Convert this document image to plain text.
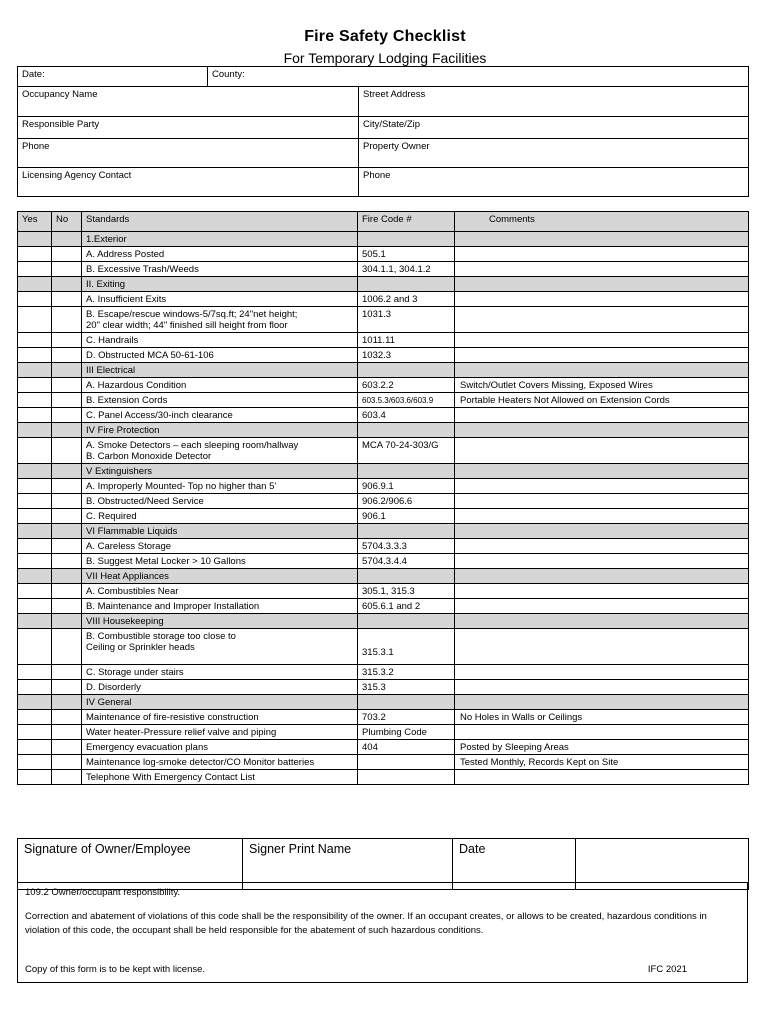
Fire Safety Checklist
For Temporary Lodging Facilities
Date:	County:	
Occupancy Name		Street Address
Responsible Party		City/State/Zip
Phone		Property Owner
Licensing Agency Contact		Phone
Yes	No	Standards	Fire Code #	Comments

		1.Exterior		

		A. Address Posted	505.1	

		B. Excessive Trash/Weeds	304.1.1, 304.1.2	

		II. Exiting		

		A. Insufficient Exits	1006.2 and 3	

		B. Escape/rescue windows-5/7sq.ft; 24"net height;
20" clear width; 44" finished sill height from floor	1031.3	

		C. Handrails	1011.11	

		D. Obstructed MCA 50-61-106	1032.3	

		III Electrical		

		A. Hazardous Condition	603.2.2	Switch/Outlet Covers Missing, Exposed Wires

		B. Extension Cords	603.5.3/603.6/603.9	Portable Heaters Not Allowed on Extension Cords

		C. Panel Access/30-inch clearance	603.4	

		IV Fire Protection		

		A. Smoke Detectors – each sleeping room/hallway
B. Carbon Monoxide Detector	MCA 70-24-303/G	

		V Extinguishers		

		A. Improperly Mounted- Top no higher than 5'	906.9.1	

		B. Obstructed/Need Service	906.2/906.6	

		C. Required	906.1	

		VI Flammable Liquids		

		A. Careless Storage	5704.3.3.3	

		B. Suggest Metal Locker > 10 Gallons	5704.3.4.4	

		VII Heat Appliances		

		A. Combustibles Near	305.1, 315.3	

		B. Maintenance and Improper Installation	605.6.1 and 2	

		VIII Housekeeping		

		B. Combustible storage too close to
Ceiling or Sprinkler heads	315.3.1	

		C. Storage under stairs	315.3.2	

		D. Disorderly	315.3	

		IV General		

		Maintenance of fire-resistive construction	703.2	No Holes in Walls or Ceilings

		Water heater-Pressure relief valve and piping	Plumbing Code	

		Emergency evacuation plans	404	Posted by Sleeping Areas

		Maintenance log-smoke detector/CO Monitor batteries		Tested Monthly, Records Kept on Site

		Telephone With Emergency Contact List		

Signature of Owner/Employee	Signer Print Name	Date	
109.2 Owner/occupant responsibility.
Correction and abatement of violations of this code shall be the responsibility of the owner. If an occupant creates, or allows to be created, hazardous conditions in violation of this code, the occupant shall be held responsible for the abatement of such hazardous conditions.
Copy of this form is to be kept with license.	IFC 2021
